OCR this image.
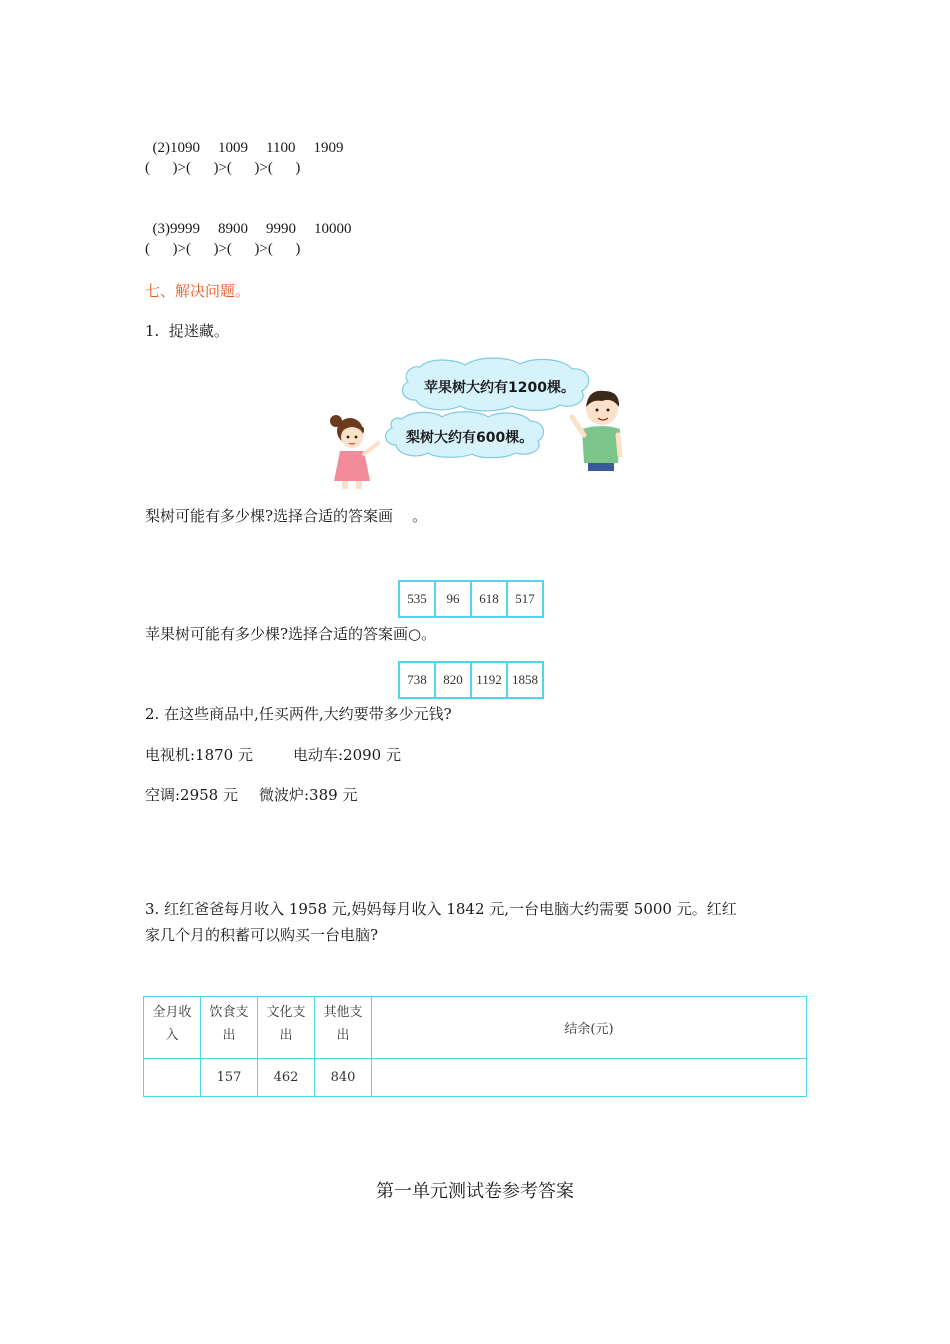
(2)1090 1009 1100 1909

(      )>(      )>(      )>(      )

(3)9999 8900 9990 10000

(      )>(      )>(      )>(      )
七、解决问题。
1.  捉迷藏。
苹果树大约有1200棵。
梨树大约有600棵。
梨树可能有多少棵?选择合适的答案画    。
535	96	618	517
苹果树可能有多少棵?选择合适的答案画○。
738	820	1192	1858
2. 在这些商品中,任买两件,大约要带多少元钱?
电视机:1870 元	电动车:2090 元
空调:2958 元 微波炉:389 元
3. 红红爸爸每月收入 1958 元,妈妈每月收入 1842 元,一台电脑大约需要 5000 元。红红
家几个月的积蓄可以购买一台电脑?
全月收入	饮食支出	文化支出	其他支出	结余(元)
	157	462	840	
第一单元测试卷参考答案
